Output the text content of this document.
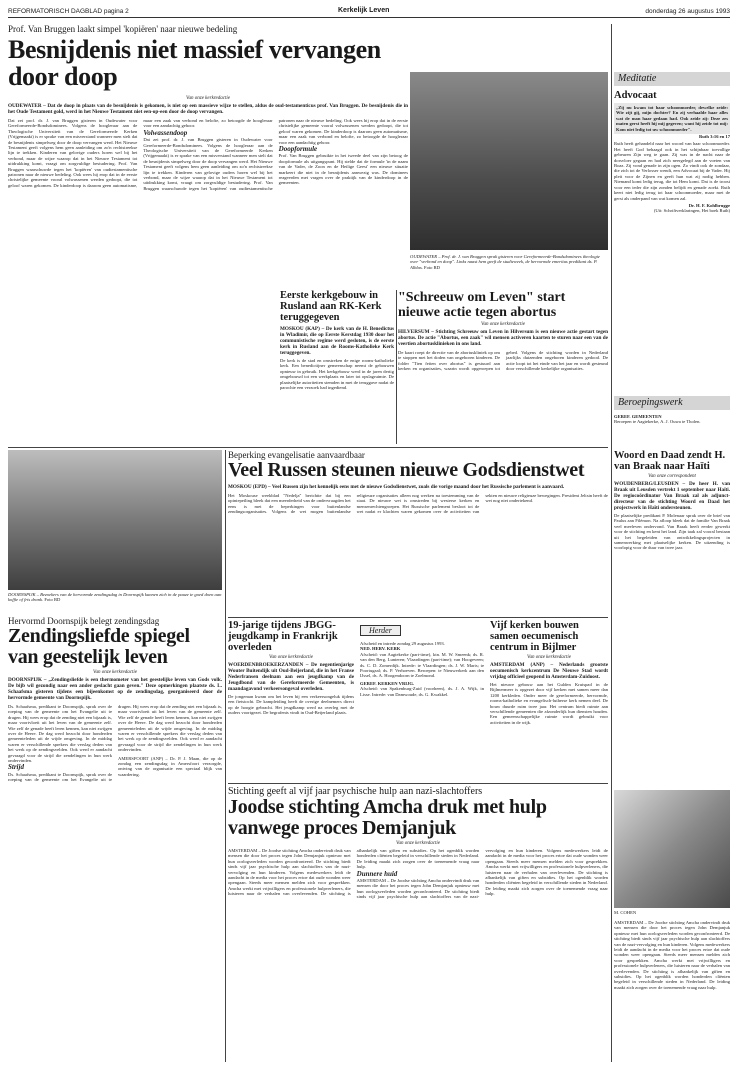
REFORMATORISCH DAGBLAD pagina 2	Kerkelijk Leven	donderdag 26 augustus 1993
Prof. Van Bruggen laakt simpel 'kopiëren' naar nieuwe bedeling
Besnijdenis niet massief vervangen door doop
Van onze kerkredactie
OUDEWATER – Dat de doop in plaats van de besnijdenis is gekomen, is niet op een massieve wijze te stellen, aldus de oud-testamenticus prof. Van Bruggen. De besnijdenis die in het Oude Testament gold, werd in het Nieuwe Testament niet een-op-een door de doop vervangen.
Dat zei prof. dr. J. van Bruggen gisteren in Oudewater voor Gereformeerde-Bondsdominees. Volgens de hoogleraar aan de Theologische Universiteit van de Gereformeerde Kerken (Vrijgemaakt) is er sprake van een misverstand wanneer men stelt dat de besnijdenis simpelweg door de doop vervangen werd. Het Nieuwe Testament geeft volgens hem geen aanleiding om zo'n rechtstreekse lijn te trekken. Kinderen van gelovige ouders horen wel bij het verbond, maar de wijze waarop dat in het Nieuwe Testament tot uitdrukking komt, vraagt om zorgvuldige bestudering. Prof. Van Bruggen waarschuwde tegen het 'kopiëren' van oudtestamentische patronen naar de nieuwe bedeling. Ook wees hij erop dat in de eerste christelijke gemeente vooral volwassenen werden gedoopt, die tot geloof waren gekomen. De kinderdoop is daarom geen automatisme, maar een zaak van verbond en belofte, zo betoogde de hoogleraar voor een aandachtig gehoor.
Volwassendoop
Dat zei prof. dr. J. van Bruggen gisteren in Oudewater voor Gereformeerde-Bondsdominees. Volgens de hoogleraar aan de Theologische Universiteit van de Gereformeerde Kerken (Vrijgemaakt) is er sprake van een misverstand wanneer men stelt dat de besnijdenis simpelweg door de doop vervangen werd. Het Nieuwe Testament geeft volgens hem geen aanleiding om zo'n rechtstreekse lijn te trekken. Kinderen van gelovige ouders horen wel bij het verbond, maar de wijze waarop dat in het Nieuwe Testament tot uitdrukking komt, vraagt om zorgvuldige bestudering. Prof. Van Bruggen waarschuwde tegen het 'kopiëren' van oudtestamentische patronen naar de nieuwe bedeling. Ook wees hij erop dat in de eerste christelijke gemeente vooral volwassenen werden gedoopt, die tot geloof waren gekomen. De kinderdoop is daarom geen automatisme, maar een zaak van verbond en belofte, zo betoogde de hoogleraar voor een aandachtig gehoor.
Doopformule
Prof. Van Bruggen gebruikte in het tweede deel van zijn betoog de doopformule als uitgangspunt. Hij stelde dat de formule 'in de naam van de Vader, de Zoon en de Heilige Geest' een nieuwe situatie markeert die niet in de besnijdenis aanwezig was. De dominees reageerden met vragen over de praktijk van de kinderdoop in de gemeenten.
OUDEWATER – Prof. dr. J. van Bruggen sprak gisteren voor Gereformeerde-Bondsdominees theologie over "verbond en doop". Links naast hem geeft de studieweek, de hervormde emeritus predikant ds. P. Alblas. Foto RD
DOORNSPIJK – Bezoekers van de hervormde zendingsdag in Doornspijk kunnen zich in de pauze te goed doen aan koffie of fris drank. Foto RD
Hervormd Doornspijk belegt zendingsdag
Zendingsliefde spiegel van geestelijk leven
Van onze kerkredactie
DOORNSPIJK – „Zendingsliefde is een thermometer van het geestelijke leven van Gods volk. De bijb wil gezondig naar een ander geslacht gaan geven." Deze opmerkingen plaatste ds. L. Schaafsma gisteren tijdens een bijeenkomst op de zendingsdag, georganiseerd door de hervormde gemeente van Doornspijk.
Ds. Schaafsma, predikant te Doornspijk, sprak over de roeping van de gemeente om het Evangelie uit te dragen. Hij wees erop dat de zending niet een bijzaak is, maar voortvloeit uit het leven van de gemeente zelf. Wie zelf de genade heeft leren kennen, kan niet zwijgen over de Heere. De dag werd bezocht door honderden gemeenteleden uit de wijde omgeving. In de middag waren er verschillende sprekers die verslag deden van het werk op de zendingsvelden. Ook werd er aandacht gevraagd voor de strijd die zendelingen in hun werk ondervinden.
Strijd
Ds. Schaafsma, predikant te Doornspijk, sprak over de roeping van de gemeente om het Evangelie uit te dragen. Hij wees erop dat de zending niet een bijzaak is, maar voortvloeit uit het leven van de gemeente zelf. Wie zelf de genade heeft leren kennen, kan niet zwijgen over de Heere. De dag werd bezocht door honderden gemeenteleden uit de wijde omgeving. In de middag waren er verschillende sprekers die verslag deden van het werk op de zendingsvelden. Ook werd er aandacht gevraagd voor de strijd die zendelingen in hun werk ondervinden.

AMERSFOORT (ANP) – Dr. P. J. Maan, die op de zondag een zendingsdag in Amersfoort verzorgde, ontving van de organisatie een speciaal blijk van waardering.

Eerste kerkgebouw in Rusland aan RK-Kerk teruggegeven
MOSKOU (KAP) – De kerk van de H. Benedictus in Wladimir, die op Eerste Kerstdag 1930 door het communistische regime werd gesloten, is de eerste kerk in Rusland aan de Rooms-Katholieke Kerk teruggegeven.
De kerk is de stad en omstreken de enige rooms-katholieke kerk. Een benedictijner gemeenschap neemt de gebouwen opnieuw in gebruik. Het kerkgebouw werd in de jaren dertig omgebouwd tot een werkplaats en later tot opslagruimte. De plaatselijke autoriteiten stemden in met de teruggave nadat de parochie een verzoek had ingediend.
"Schreeuw om Leven" start nieuwe actie tegen abortus
Van onze kerkredactie
HILVERSUM – Stichting Schreeuw om Leven in Hilversum is een nieuwe actie gestart tegen abortus. De actie "Abortus, een zaak" wil mensen activeren kaarten te sturen naar een van de veertien abortusklinieken in ons land.
De kaart roept de directie van de abortuskliniek op om te stoppen met het doden van ongeboren kinderen. De folder "Tien feiten over abortus" is gestuurd aan kerken en organisaties, waarin wordt opgeroepen tot gebed. Volgens de stichting worden in Nederland jaarlijks duizenden ongeboren kinderen gedood. De actie loopt tot het einde van het jaar en wordt gesteund door verschillende kerkelijke organisaties.
Beperking evangelisatie aanvaardbaar
Veel Russen steunen nieuwe Godsdienstwet
MOSKOU (EPD) – Veel Russen zijn het kennelijk eens met de nieuwe Godsdienstwet, zoals die vorige maand door het Russische parlement is aanvaard.
Het Moskouse weekblad "Nedelja" berichtte dat bij een opiniepeiling bleek dat een meerderheid van de ondervraagden het eens is met de beperkingen voor buitenlandse zendingsorganisaties. Volgens de wet mogen buitenlandse religieuze organisaties alleen nog werken na toestemming van de staat. De nieuwe wet is omstreden bij westerse kerken en mensenrechtengroepen. Het Russische parlement besloot tot de wet nadat er klachten waren gekomen over de activiteiten van sekten en nieuwe religieuze bewegingen. President Jeltsin heeft de wet nog niet ondertekend.
19-jarige tijdens JBGG-jeugdkamp in Frankrijk overleden
Van onze kerkredactie
WOERDENBROEKERZANDEN – De negentienjarige Wouter Buitendijk uit Oud-Beijerland, die in het Franse Nederfransen deelnam aan een jeugdkamp van de Jeugdbond van de Gereformeerde Gemeenten, is maandagavond verkeersongeval overleden.
De jongeman kwam om het leven bij een verkeersongeluk tijdens een fietstocht. De kampleiding heeft de overige deelnemers direct op de hoogte gebracht. Het jeugdkamp werd na overleg met de ouders voortgezet. De begrafenis vindt in Oud-Beijerland plaats.
Herder
Afscheid en intrede zondag 29 augustus 1993.
NED. HERV. KERK
Afscheid: van Aagtekerke (part-time), ktn. M. W. Smeenk; ds. R. van den Berg, Lunteren; Vlaardingen (part-time); van Hoogeveen; ds. C. D. Zomerdijk. Intrede: te Vlaardingen; ds. J. W. Maris; te Poortugaal; ds. P. Verhoeven. Beroepen: te Nieuwerkerk aan den IJssel, ds. A. Hoogendoorn te Zoelmond.
GEREF. KERKEN VRIJG.
Afscheid: van Spakenburg-Zuid (voorheen), ds. J. A. Wijk, in Lisse. Intrede: van Damwoude, ds. G. Kwakkel.
Vijf kerken bouwen samen oecumenisch centrum in Bijlmer
Van onze kerkredactie
AMSTERDAM (ANP) – Nederlands grootste oecumenisch kerkcentrum De Nieuwe Stad wordt vrijdag officieel geopend in Amsterdam-Zuidoost.
Het nieuwe gebouw aan het Gulden Kruispad in de Bijlmermeer is opgezet door vijf kerken met samen meer dan 1200 kerkleden. Onder meer de gereformeerde, hervormde, rooms-katholieke en evangelisch-lutherse kerk nemen deel. De bouw duurde ruim twee jaar. Het centrum biedt ruimte aan verschillende gemeenten die afzonderlijk hun diensten houden. Een gemeenschappelijke ruimte wordt gebruikt voor activiteiten in de wijk.
Stichting geeft al vijf jaar psychische hulp aan nazi-slachtoffers
Joodse stichting Amcha druk met hulp vanwege proces Demjanjuk
Van onze kerkredactie
AMSTERDAM – De Joodse stichting Amcha ondervindt druk van mensen die door het proces tegen John Demjanjuk opnieuw met hun oorlogsverleden worden geconfronteerd. De stichting biedt sinds vijf jaar psychische hulp aan slachtoffers van de nazi-vervolging en hun kinderen. Volgens medewerkers leidt de aandacht in de media voor het proces ertoe dat oude wonden weer opengaan. Steeds meer mensen melden zich voor gesprekken. Amcha werkt met vrijwilligers en professionele hulpverleners, die luisteren naar de verhalen van overlevenden. De stichting is afhankelijk van giften en subsidies. Op het ogenblik worden honderden cliënten begeleid in verschillende steden in Nederland. De leiding maakt zich zorgen over de toenemende vraag naar hulp.
Dunnere huid
AMSTERDAM – De Joodse stichting Amcha ondervindt druk van mensen die door het proces tegen John Demjanjuk opnieuw met hun oorlogsverleden worden geconfronteerd. De stichting biedt sinds vijf jaar psychische hulp aan slachtoffers van de nazi-vervolging en hun kinderen. Volgens medewerkers leidt de aandacht in de media voor het proces ertoe dat oude wonden weer opengaan. Steeds meer mensen melden zich voor gesprekken. Amcha werkt met vrijwilligers en professionele hulpverleners, die luisteren naar de verhalen van overlevenden. De stichting is afhankelijk van giften en subsidies. Op het ogenblik worden honderden cliënten begeleid in verschillende steden in Nederland. De leiding maakt zich zorgen over de toenemende vraag naar hulp.
M. COHEN
AMSTERDAM – De Joodse stichting Amcha ondervindt druk van mensen die door het proces tegen John Demjanjuk opnieuw met hun oorlogsverleden worden geconfronteerd. De stichting biedt sinds vijf jaar psychische hulp aan slachtoffers van de nazi-vervolging en hun kinderen. Volgens medewerkers leidt de aandacht in de media voor het proces ertoe dat oude wonden weer opengaan. Steeds meer mensen melden zich voor gesprekken. Amcha werkt met vrijwilligers en professionele hulpverleners, die luisteren naar de verhalen van overlevenden. De stichting is afhankelijk van giften en subsidies. Op het ogenblik worden honderden cliënten begeleid in verschillende steden in Nederland. De leiding maakt zich zorgen over de toenemende vraag naar hulp.
Meditatie
Advocaat
„Zij nu kwam tot haar schoonmoeder, dewelke zeide: Wie zijt gij, mijn dochter? En zij verhaalde haar alles wat de man haar gedaan had. Ook zeide zij: Deze zes maten gerst heeft hij mij gegeven; want hij zeide tot mij: Kom niet ledig tot uw schoonmoeder".
Ruth 3:16 en 17
Ruth heeft gehandeld naar het woord van haar schoonmoeder. Het heeft God behaagd ook in het schijnbaar toevallige gebeuren Zijn weg te gaan. Zij was in de nacht naar de dorsvloer gegaan en had zich neergelegd aan de voeten van Boaz. Zij vond genade in zijn ogen. Zo vindt ook de zondaar, die zich tot de Verlosser wendt, een Advocaat bij de Vader. Hij pleit voor de Zijnen en geeft hun wat zij nodig hebben. Niemand komt ledig terug, die tot Hem komt. Dat is de troost voor een ieder die zijn zonden belijdt en genade zoekt. Ruth keert niet ledig terug tot haar schoonmoeder, maar met de gerst als onderpand van wat komen zal.
Dr. H. F. Kohlbrugge
(Uit: Schriftverklaringen, Het boek Ruth)
Beroepingswerk
GEREF. GEMEENTEN
Beroepen te Aagtekerke, A. J. Ouwa te Tholen.
Woord en Daad zendt H. van Braak naar Haïti
Van onze correspondent
WOUDENBERG/LEUSDEN – De heer H. van Braak uit Leusden vertrekt 1 september naar Haïti. De regiocoördinator Van Braak zal als adjunct-directeur van de stichting Woord en Daad het projectwerk in Haïti ondersteunen.
De plaatselijke predikant P. Molenaar sprak over de brief van Paulus aan Filémon. Na afloop bleek dat de familie Van Braak veel meeleven ondervond. Van Braak heeft eerder gewerkt voor de stichting en kent het land. Zijn taak zal vooral bestaan uit het begeleiden van ontwikkelingsprojecten in samenwerking met plaatselijke kerken. De uitzending is voorlopig voor de duur van twee jaar.
